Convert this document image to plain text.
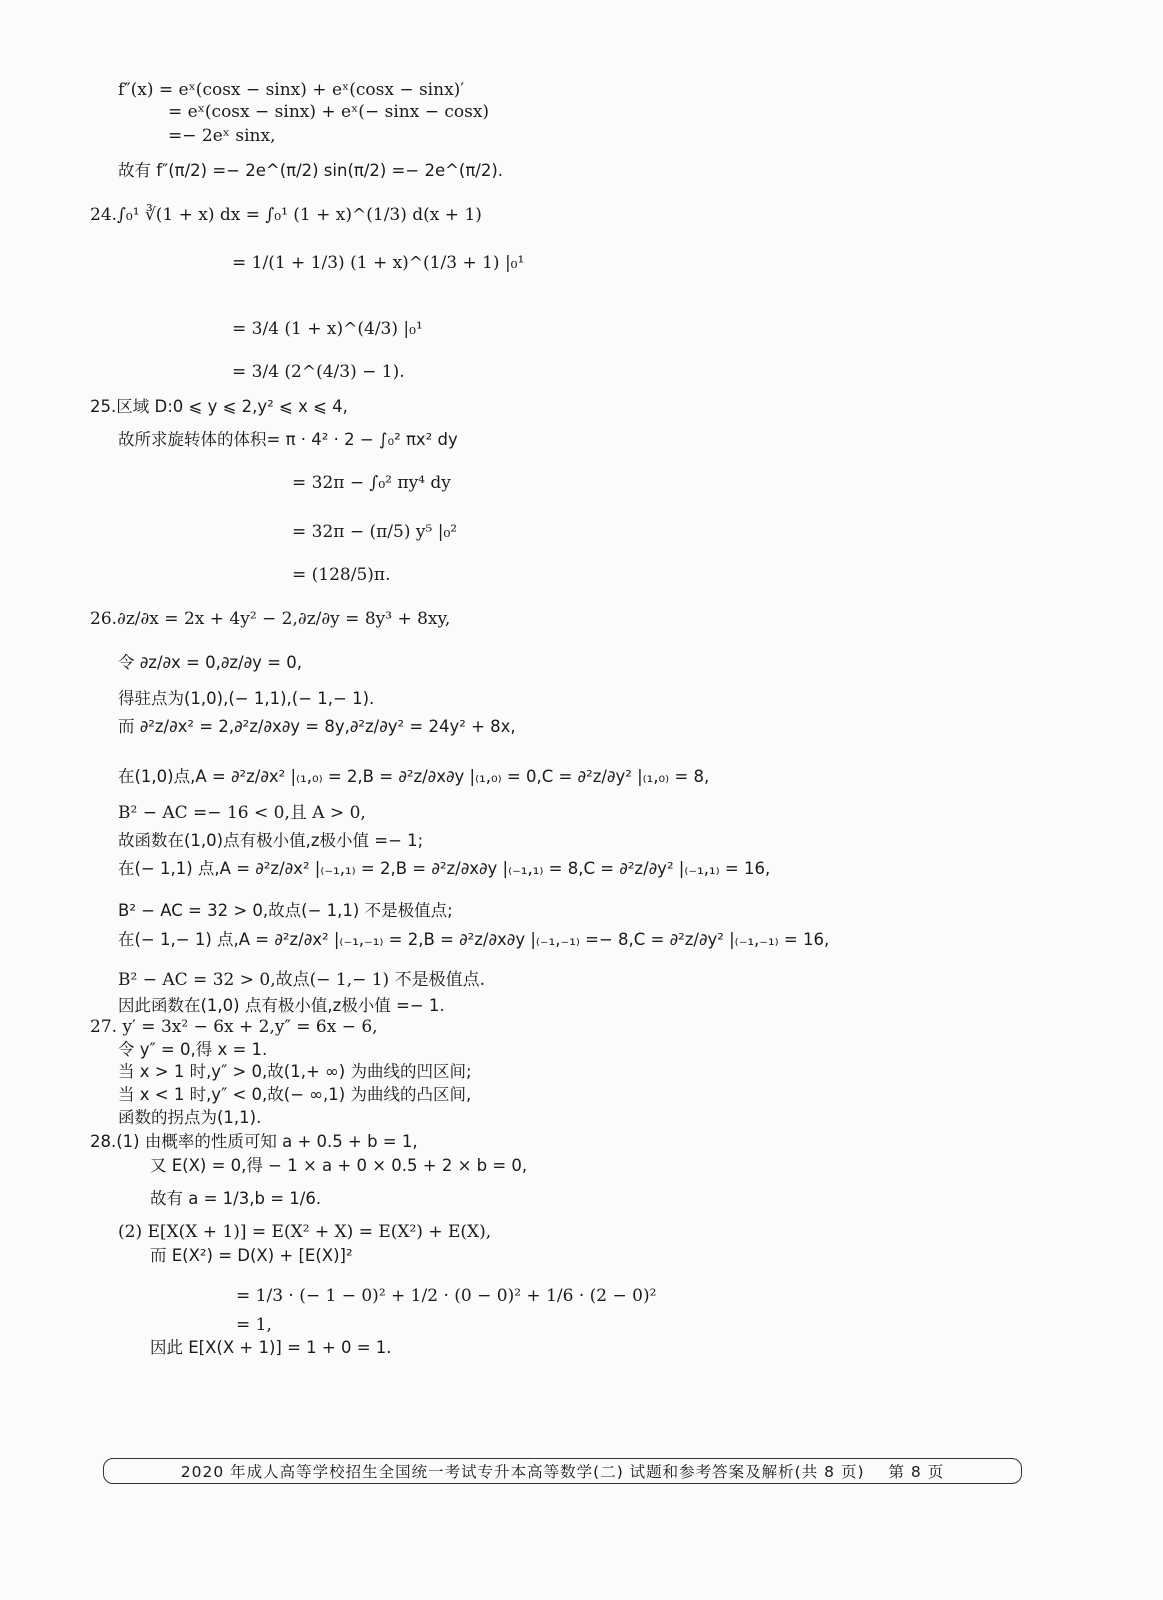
f″(x) = eˣ(cosx − sinx) + eˣ(cosx − sinx)′
= eˣ(cosx − sinx) + eˣ(− sinx − cosx)
=− 2eˣ sinx,
故有 f″(π/2) =− 2e^(π/2) sin(π/2) =− 2e^(π/2).
24.∫₀¹ ∛(1 + x) dx = ∫₀¹ (1 + x)^(1/3) d(x + 1)
= 1/(1 + 1/3) (1 + x)^(1/3 + 1) |₀¹
= 3/4 (1 + x)^(4/3) |₀¹
= 3/4 (2^(4/3) − 1).
25.区域 D:0 ⩽ y ⩽ 2,y² ⩽ x ⩽ 4,
故所求旋转体的体积= π · 4² · 2 − ∫₀² πx² dy
= 32π − ∫₀² πy⁴ dy
= 32π − (π/5) y⁵ |₀²
= (128/5)π.
26.∂z/∂x = 2x + 4y² − 2,∂z/∂y = 8y³ + 8xy,
令 ∂z/∂x = 0,∂z/∂y = 0,
得驻点为(1,0),(− 1,1),(− 1,− 1).
而 ∂²z/∂x² = 2,∂²z/∂x∂y = 8y,∂²z/∂y² = 24y² + 8x,
在(1,0)点,A = ∂²z/∂x² |₍₁,₀₎ = 2,B = ∂²z/∂x∂y |₍₁,₀₎ = 0,C = ∂²z/∂y² |₍₁,₀₎ = 8,
B² − AC =− 16 < 0,且 A > 0,
故函数在(1,0)点有极小值,z极小值 =− 1;
在(− 1,1) 点,A = ∂²z/∂x² |₍₋₁,₁₎ = 2,B = ∂²z/∂x∂y |₍₋₁,₁₎ = 8,C = ∂²z/∂y² |₍₋₁,₁₎ = 16,
B² − AC = 32 > 0,故点(− 1,1) 不是极值点;
在(− 1,− 1) 点,A = ∂²z/∂x² |₍₋₁,₋₁₎ = 2,B = ∂²z/∂x∂y |₍₋₁,₋₁₎ =− 8,C = ∂²z/∂y² |₍₋₁,₋₁₎ = 16,
B² − AC = 32 > 0,故点(− 1,− 1) 不是极值点.
因此函数在(1,0) 点有极小值,z极小值 =− 1.
27. y′ = 3x² − 6x + 2,y″ = 6x − 6,
令 y″ = 0,得 x = 1.
当 x > 1 时,y″ > 0,故(1,+ ∞) 为曲线的凹区间;
当 x < 1 时,y″ < 0,故(− ∞,1) 为曲线的凸区间,
函数的拐点为(1,1).
28.(1) 由概率的性质可知 a + 0.5 + b = 1,
又 E(X) = 0,得 − 1 × a + 0 × 0.5 + 2 × b = 0,
故有 a = 1/3,b = 1/6.
(2) E[X(X + 1)] = E(X² + X) = E(X²) + E(X),
而 E(X²) = D(X) + [E(X)]²
= 1/3 · (− 1 − 0)² + 1/2 · (0 − 0)² + 1/6 · (2 − 0)²
= 1,
因此 E[X(X + 1)] = 1 + 0 = 1.
2020 年成人高等学校招生全国统一考试专升本高等数学(二) 试题和参考答案及解析(共 8 页) 第 8 页
